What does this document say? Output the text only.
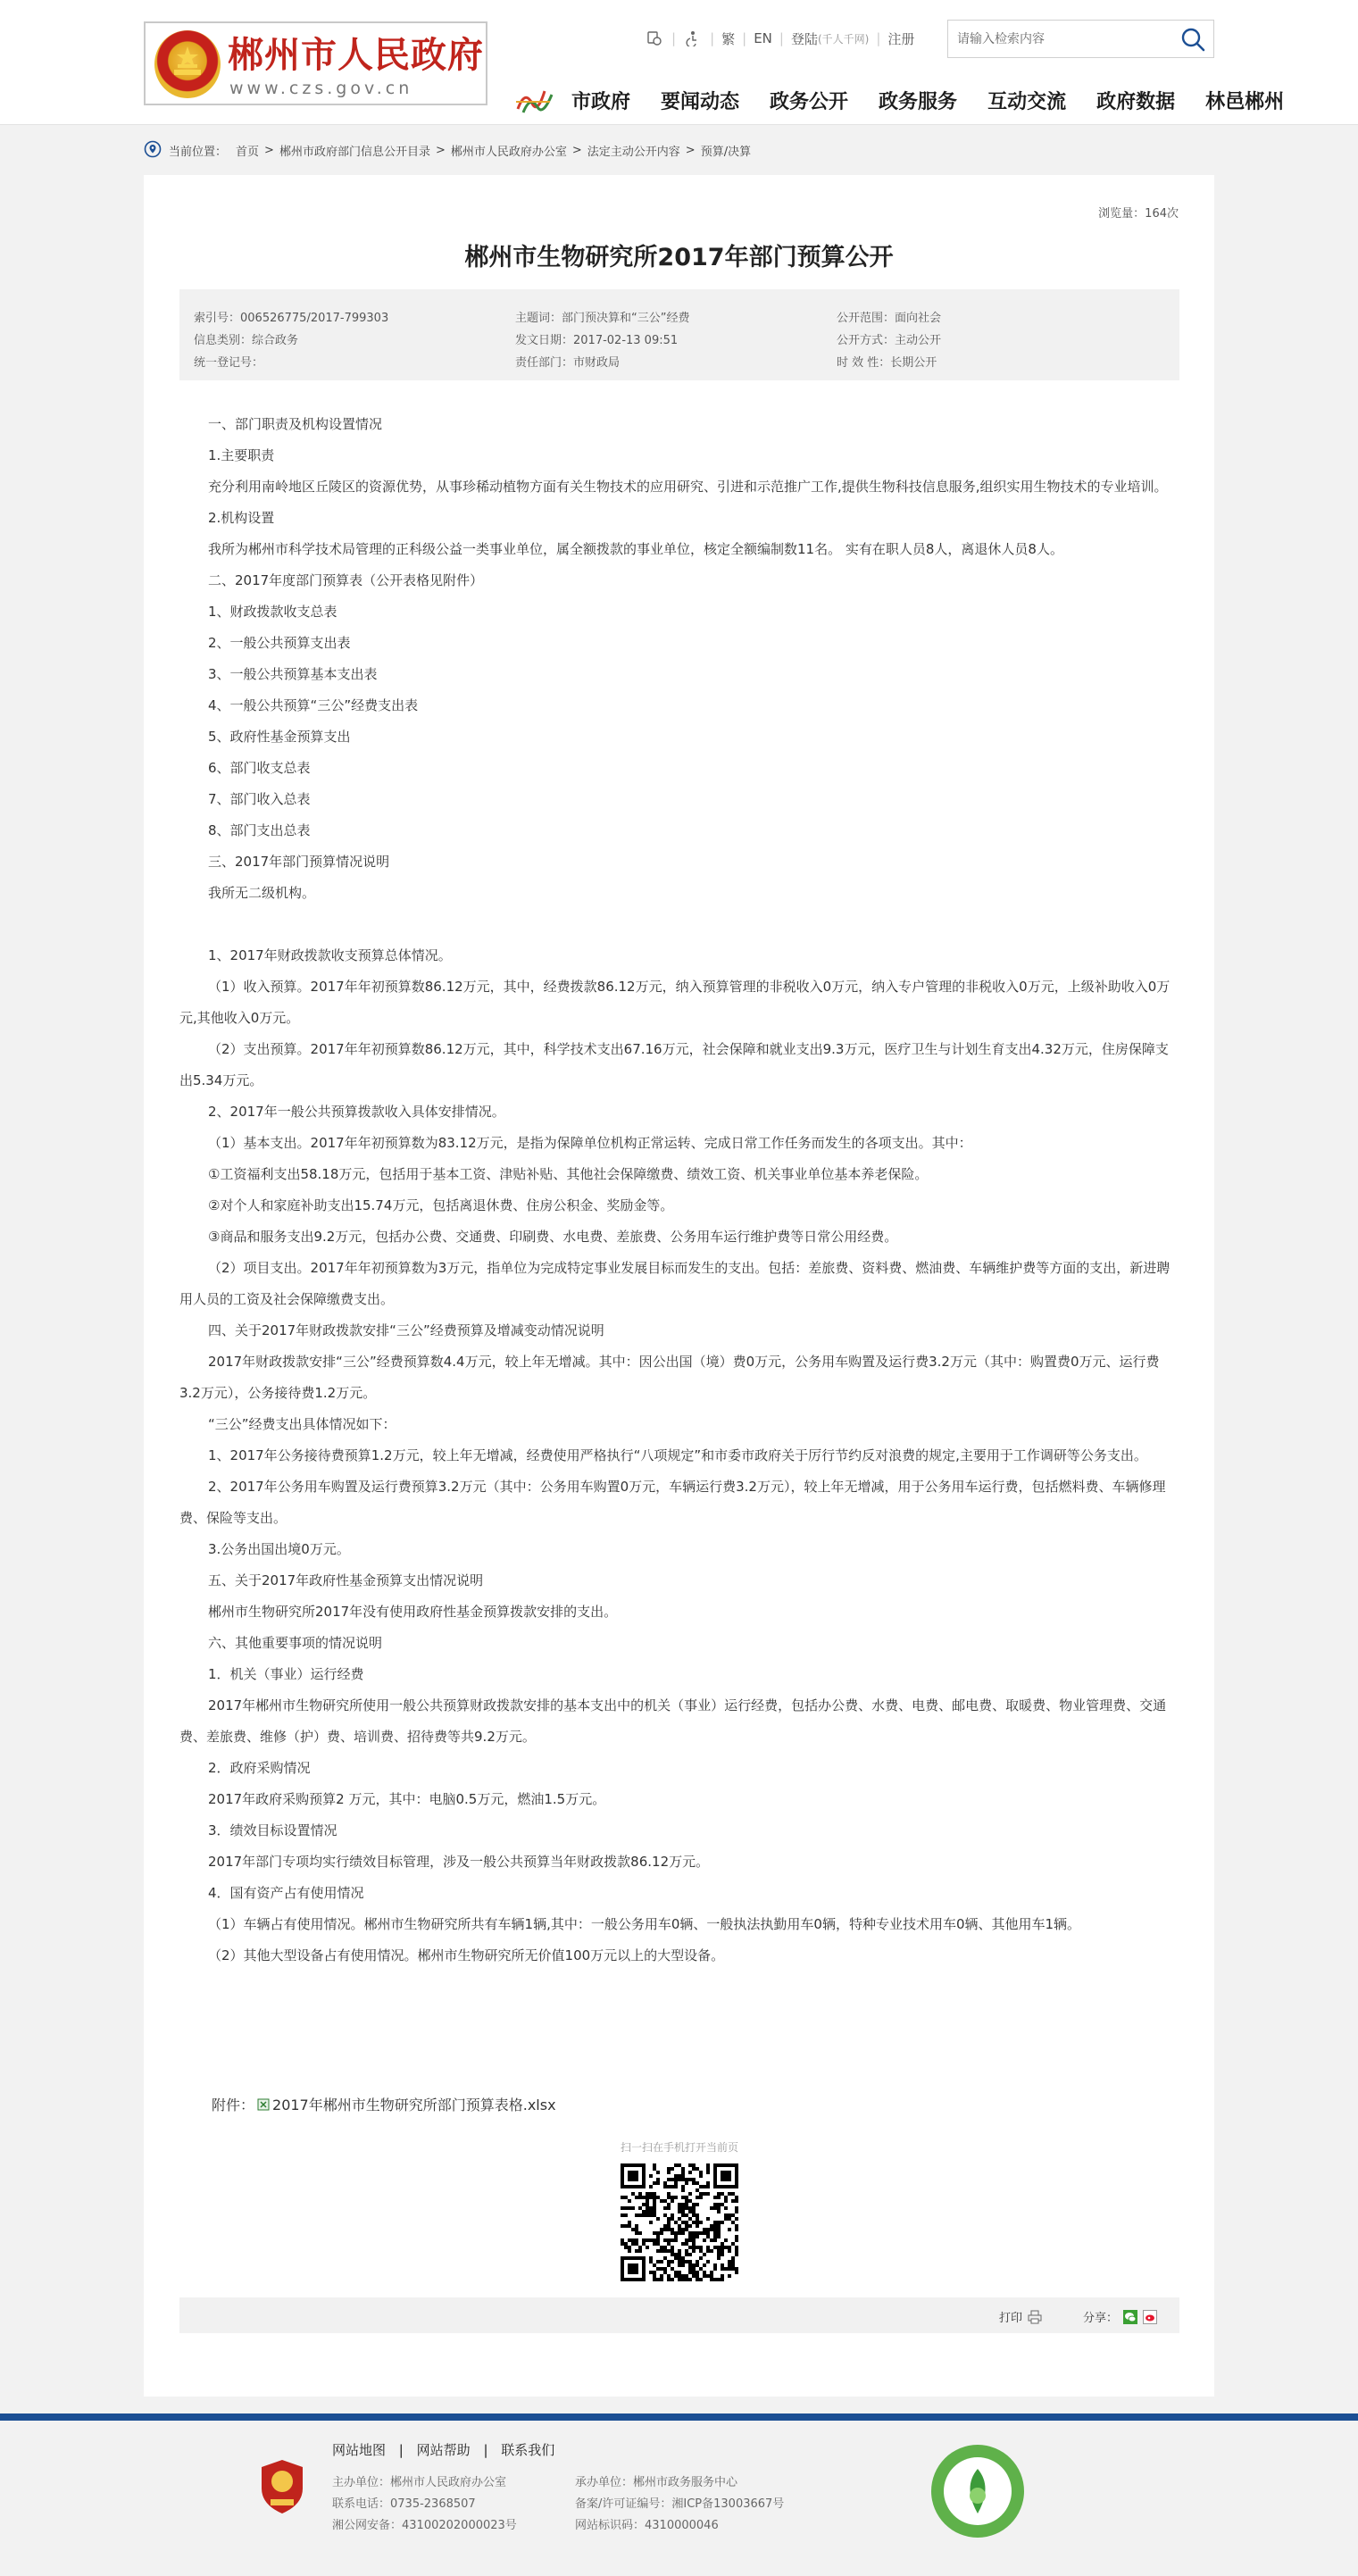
郴州市人民政府
www.czs.gov.cn
|	| 繁 | EN | 登陆 (千人千网) | 注册
请输入检索内容
市政府 要闻动态 政务公开 政务服务 互动交流 政府数据 林邑郴州
当前位置： 首页 > 郴州市政府部门信息公开目录 > 郴州市人民政府办公室 > 法定主动公开内容 > 预算/决算
浏览量：164次
郴州市生物研究所2017年部门预算公开
索引号：006526775/2017-799303	主题词：部门预决算和“三公”经费	公开范围：面向社会
信息类别：综合政务	发文日期：2017-02-13 09:51	公开方式：主动公开
统一登记号：	责任部门：市财政局	时 效 性：长期公开

一、部门职责及机构设置情况

1.主要职责

充分利用南岭地区丘陵区的资源优势，从事珍稀动植物方面有关生物技术的应用研究、引进和示范推广工作,提供生物科技信息服务,组织实用生物技术的专业培训。

2.机构设置

我所为郴州市科学技术局管理的正科级公益一类事业单位，属全额拨款的事业单位，核定全额编制数11名。 实有在职人员8人，离退休人员8人。

二、2017年度部门预算表（公开表格见附件）

1、财政拨款收支总表

2、一般公共预算支出表

3、一般公共预算基本支出表

4、一般公共预算“三公”经费支出表

5、政府性基金预算支出

6、部门收支总表

7、部门收入总表

8、部门支出总表

三、2017年部门预算情况说明

我所无二级机构。

1、2017年财政拨款收支预算总体情况。

（1）收入预算。2017年年初预算数86.12万元，其中，经费拨款86.12万元，纳入预算管理的非税收入0万元，纳入专户管理的非税收入0万元，上级补助收入0万元,其他收入0万元。

（2）支出预算。2017年年初预算数86.12万元，其中，科学技术支出67.16万元，社会保障和就业支出9.3万元，医疗卫生与计划生育支出4.32万元，住房保障支出5.34万元。

2、2017年一般公共预算拨款收入具体安排情况。

（1）基本支出。2017年年初预算数为83.12万元，是指为保障单位机构正常运转、完成日常工作任务而发生的各项支出。其中：

①工资福利支出58.18万元，包括用于基本工资、津贴补贴、其他社会保障缴费、绩效工资、机关事业单位基本养老保险。

②对个人和家庭补助支出15.74万元，包括离退休费、住房公积金、奖励金等。

③商品和服务支出9.2万元，包括办公费、交通费、印刷费、水电费、差旅费、公务用车运行维护费等日常公用经费。

（2）项目支出。2017年年初预算数为3万元，指单位为完成特定事业发展目标而发生的支出。包括：差旅费、资料费、燃油费、车辆维护费等方面的支出，新进聘用人员的工资及社会保障缴费支出。

四、关于2017年财政拨款安排“三公”经费预算及增减变动情况说明

2017年财政拨款安排“三公”经费预算数4.4万元，较上年无增减。其中：因公出国（境）费0万元，公务用车购置及运行费3.2万元（其中：购置费0万元、运行费3.2万元），公务接待费1.2万元。

“三公”经费支出具体情况如下：

1、2017年公务接待费预算1.2万元，较上年无增减，经费使用严格执行“八项规定”和市委市政府关于厉行节约反对浪费的规定,主要用于工作调研等公务支出。

2、2017年公务用车购置及运行费预算3.2万元（其中：公务用车购置0万元，车辆运行费3.2万元），较上年无增减，用于公务用车运行费，包括燃料费、车辆修理费、保险等支出。

3.公务出国出境0万元。

五、关于2017年政府性基金预算支出情况说明

郴州市生物研究所2017年没有使用政府性基金预算拨款安排的支出。

六、其他重要事项的情况说明

1．机关（事业）运行经费

2017年郴州市生物研究所使用一般公共预算财政拨款安排的基本支出中的机关（事业）运行经费，包括办公费、水费、电费、邮电费、取暖费、物业管理费、交通费、差旅费、维修（护）费、培训费、招待费等共9.2万元。

2．政府采购情况

2017年政府采购预算2 万元，其中：电脑0.5万元，燃油1.5万元。

3．绩效目标设置情况

2017年部门专项均实行绩效目标管理，涉及一般公共预算当年财政拨款86.12万元。

4．国有资产占有使用情况

（1）车辆占有使用情况。郴州市生物研究所共有车辆1辆,其中：一般公务用车0辆、一般执法执勤用车0辆，特种专业技术用车0辆、其他用车1辆。

（2）其他大型设备占有使用情况。郴州市生物研究所无价值100万元以上的大型设备。

附件： 2017年郴州市生物研究所部门预算表格.xlsx
扫一扫在手机打开当前页
打印	分享：
网站地图 | 网站帮助 | 联系我们
主办单位：郴州市人民政府办公室	承办单位：郴州市政务服务中心
联系电话：0735-2368507	备案/许可证编号：湘ICP备13003667号
湘公网安备：43100202000023号	网站标识码：4310000046
